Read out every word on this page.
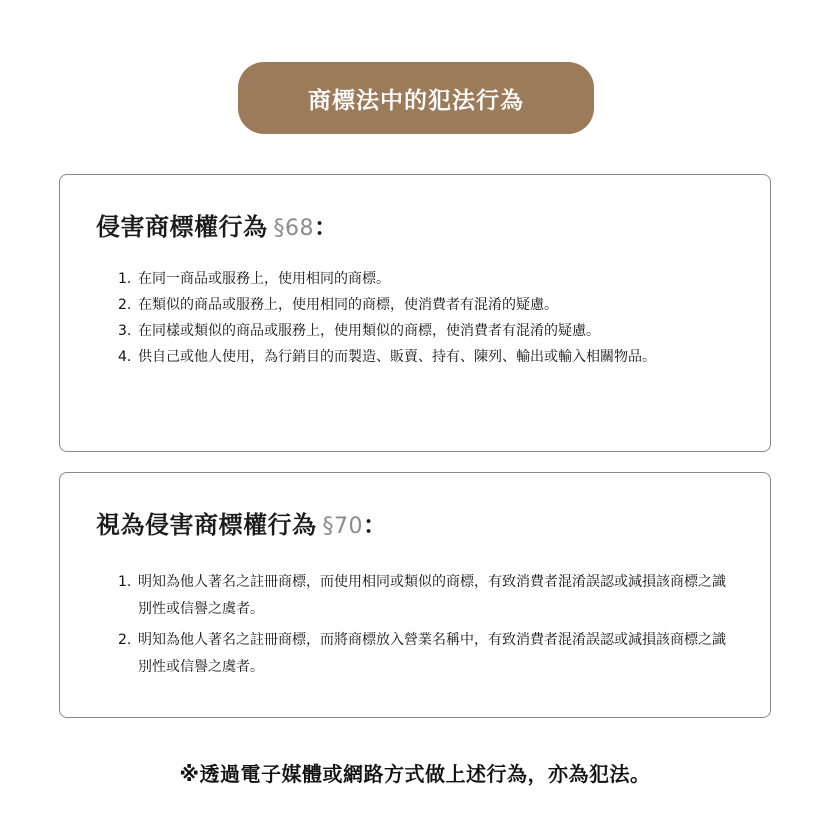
商標法中的犯法行為
侵害商標權行為 §68：
1. 在同一商品或服務上，使用相同的商標。
2. 在類似的商品或服務上，使用相同的商標，使消費者有混淆的疑慮。
3. 在同樣或類似的商品或服務上，使用類似的商標，使消費者有混淆的疑慮。
4. 供自己或他人使用，為行銷目的而製造、販賣、持有、陳列、輸出或輸入相關物品。
視為侵害商標權行為 §70：
1. 明知為他人著名之註冊商標，而使用相同或類似的商標，有致消費者混淆誤認或減損該商標之識別性或信譽之虞者。
2. 明知為他人著名之註冊商標，而將商標放入營業名稱中，有致消費者混淆誤認或減損該商標之識別性或信譽之虞者。
※透過電子媒體或網路方式做上述行為，亦為犯法。
